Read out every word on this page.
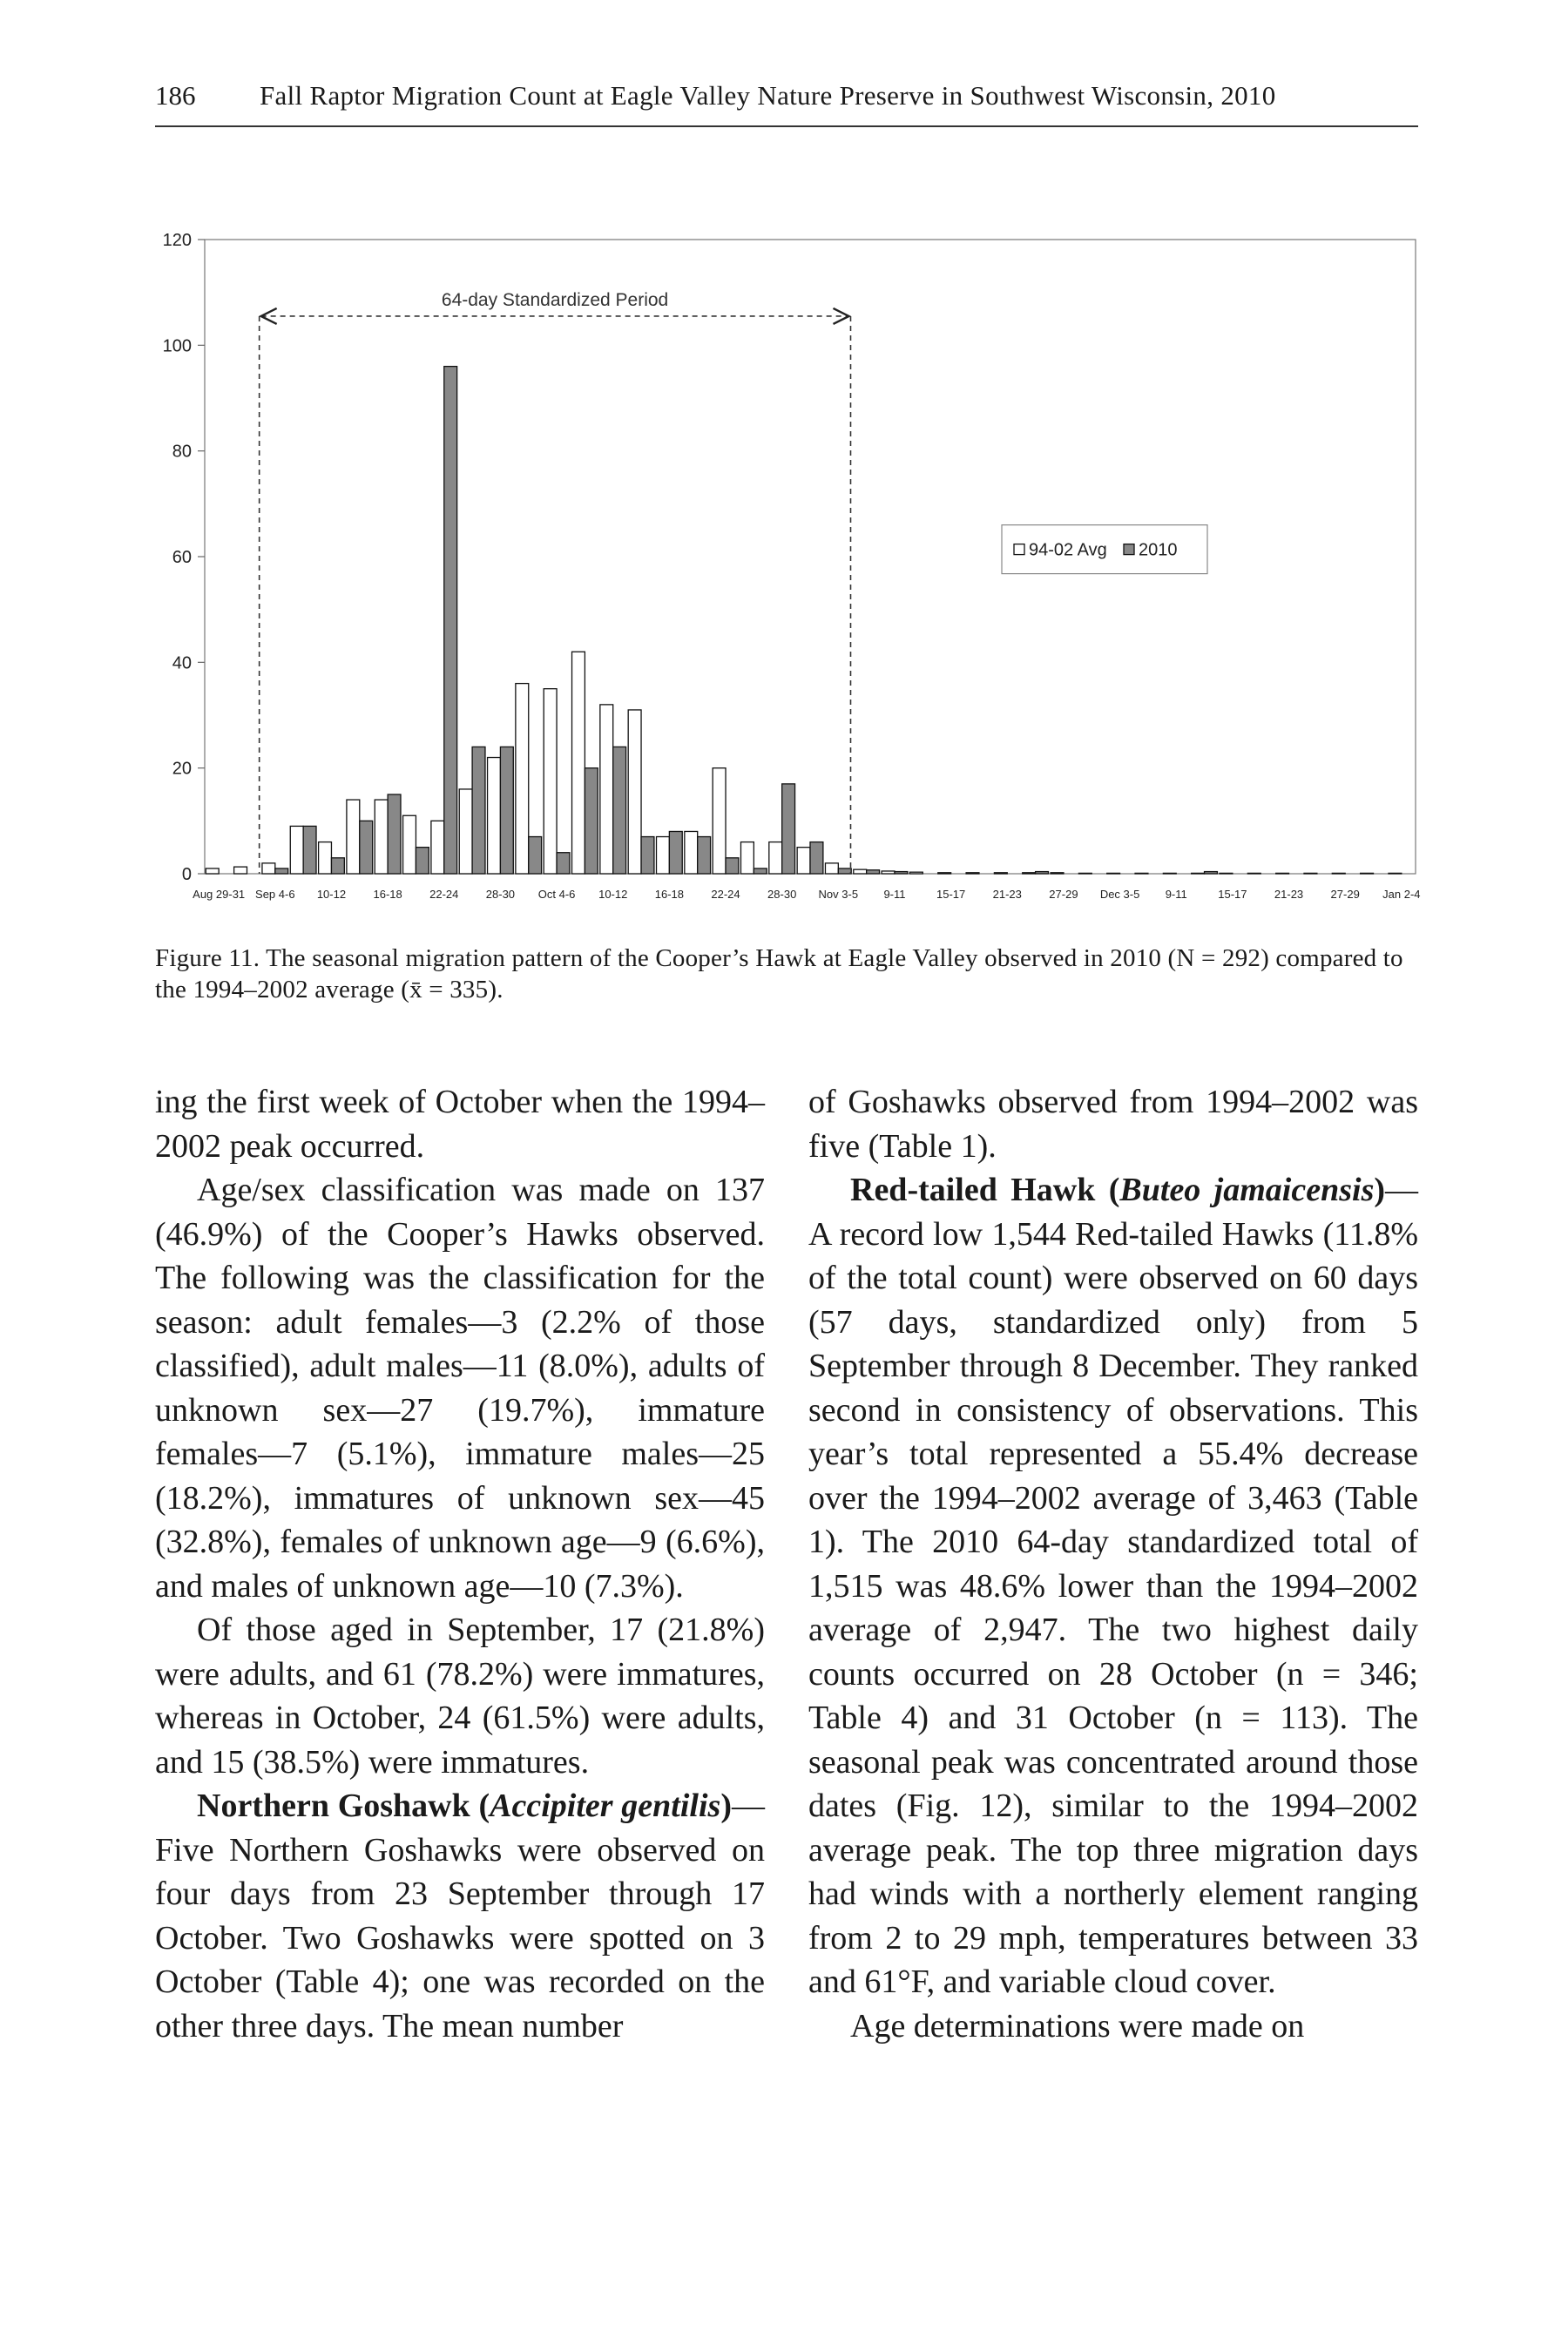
186 Fall Raptor Migration Count at Eagle Valley Nature Preserve in Southwest Wisconsin, 2010
0
20
40
60
80
100
120
Aug 29-31 Sep 4-6 10-12 16-18 22-24 28-30 Oct 4-6 10-12 16-18 22-24 28-30 Nov 3-5 9-11	15-17 21-23 27-29 Dec 3-5 9-11	15-17 21-23 27-29 Jan 2-4
64-day Standardized Period
94-02 Avg 2010
Figure 11. The seasonal migration pattern of the Cooper’s Hawk at Eagle Valley observed in 2010 (N = 292) compared to the 1994–2002 average (x̄ = 335).

ing the first week of October when the 1994–2002 peak occurred.

Age/sex classification was made on 137 (46.9%) of the Cooper’s Hawks observed. The following was the classification for the season: adult females—3 (2.2% of those classified), adult males—11 (8.0%), adults of unknown sex—27 (19.7%), immature females—7 (5.1%), immature males—25 (18.2%), immatures of unknown sex—45 (32.8%), females of unknown age—9 (6.6%), and males of unknown age—10 (7.3%).

Of those aged in September, 17 (21.8%) were adults, and 61 (78.2%) were immatures, whereas in October, 24 (61.5%) were adults, and 15 (38.5%) were immatures.

Northern Goshawk (Accipiter gentilis)—Five Northern Goshawks were observed on four days from 23 September through 17 October. Two Goshawks were spotted on 3 October (Table 4); one was recorded on the other three days. The mean number

of Goshawks observed from 1994–2002 was five (Table 1).

Red-tailed Hawk (Buteo jamaicensis)—A record low 1,544 Red-tailed Hawks (11.8% of the total count) were observed on 60 days (57 days, standardized only) from 5 September through 8 December. They ranked second in consistency of observations. This year’s total represented a 55.4% decrease over the 1994–2002 average of 3,463 (Table 1). The 2010 64-day standardized total of 1,515 was 48.6% lower than the 1994–2002 average of 2,947. The two highest daily counts occurred on 28 October (n = 346; Table 4) and 31 October (n = 113). The seasonal peak was concentrated around those dates (Fig. 12), similar to the 1994–2002 average peak. The top three migration days had winds with a northerly element ranging from 2 to 29 mph, temperatures between 33 and 61°F, and variable cloud cover.

Age determinations were made on
